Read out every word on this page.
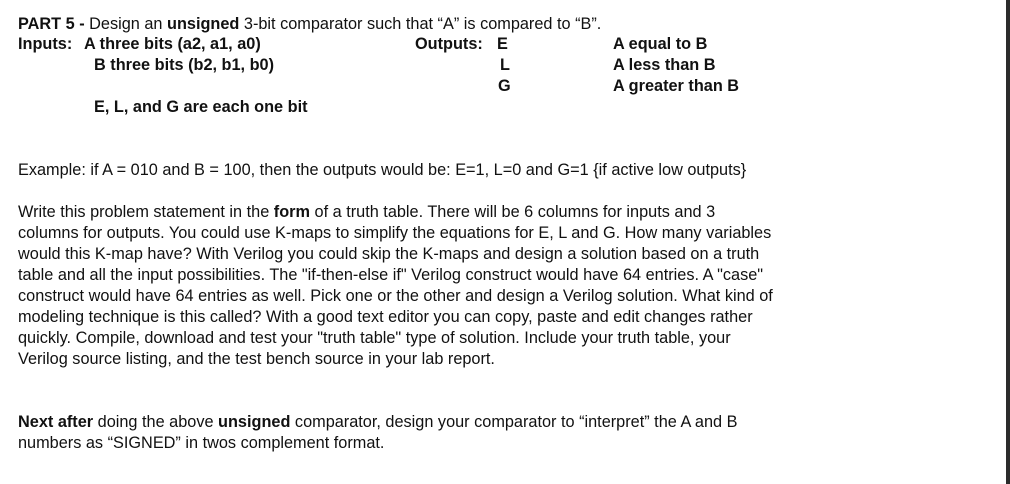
PART 5 - Design an unsigned 3-bit comparator such that “A” is compared to “B”.
Inputs: A three bits (a2, a1, a0)
B three bits (b2, b1, b0)
E, L, and G are each one bit
Outputs: E
L
G
A equal to B
A less than B
A greater than B
Example: if A = 010 and B = 100, then the outputs would be: E=1, L=0 and G=1 {if active low outputs}
Write this problem statement in the form of a truth table. There will be 6 columns for inputs and 3
columns for outputs. You could use K-maps to simplify the equations for E, L and G. How many variables
would this K-map have? With Verilog you could skip the K-maps and design a solution based on a truth
table and all the input possibilities. The "if-then-else if" Verilog construct would have 64 entries. A "case"
construct would have 64 entries as well. Pick one or the other and design a Verilog solution. What kind of
modeling technique is this called? With a good text editor you can copy, paste and edit changes rather
quickly. Compile, download and test your "truth table" type of solution. Include your truth table, your
Verilog source listing, and the test bench source in your lab report.
Next after doing the above unsigned comparator, design your comparator to “interpret” the A and B
numbers as “SIGNED” in twos complement format.
